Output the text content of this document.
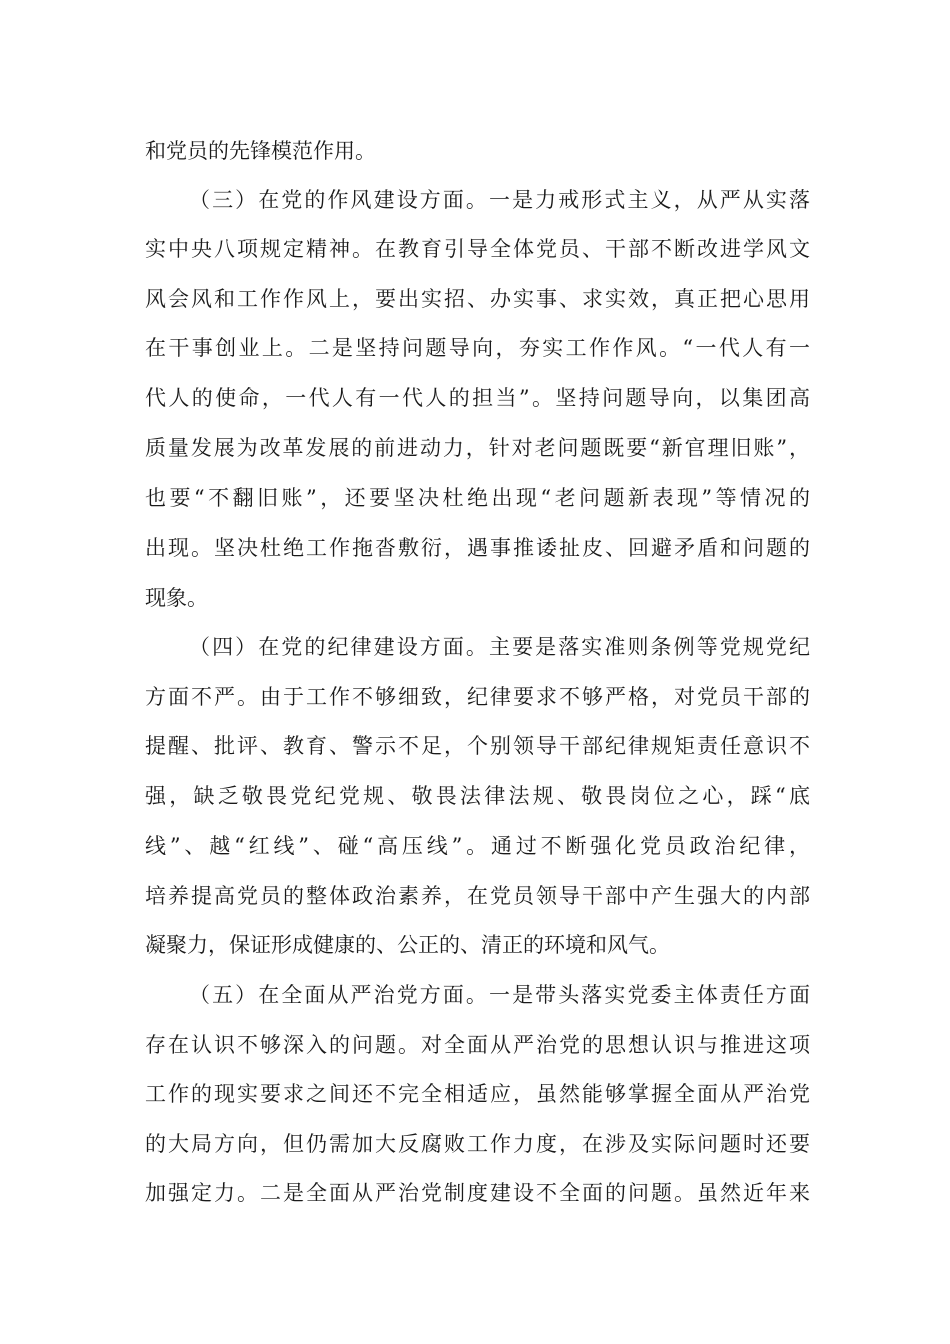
和党员的先锋模范作用。
（三）在党的作风建设方面。一是力戒形式主义，从严从实落
实中央八项规定精神。在教育引导全体党员、干部不断改进学风文
风会风和工作作风上，要出实招、办实事、求实效，真正把心思用
在干事创业上。二是坚持问题导向，夯实工作作风。“一代人有一
代人的使命，一代人有一代人的担当”。坚持问题导向，以集团高
质量发展为改革发展的前进动力，针对老问题既要“新官理旧账”，
也要“不翻旧账”，还要坚决杜绝出现“老问题新表现”等情况的
出现。坚决杜绝工作拖沓敷衍，遇事推诿扯皮、回避矛盾和问题的
现象。
（四）在党的纪律建设方面。主要是落实准则条例等党规党纪
方面不严。由于工作不够细致，纪律要求不够严格，对党员干部的
提醒、批评、教育、警示不足，个别领导干部纪律规矩责任意识不
强，缺乏敬畏党纪党规、敬畏法律法规、敬畏岗位之心，踩“底
线”、越“红线”、碰“高压线”。通过不断强化党员政治纪律，
培养提高党员的整体政治素养，在党员领导干部中产生强大的内部
凝聚力，保证形成健康的、公正的、清正的环境和风气。
（五）在全面从严治党方面。一是带头落实党委主体责任方面
存在认识不够深入的问题。对全面从严治党的思想认识与推进这项
工作的现实要求之间还不完全相适应，虽然能够掌握全面从严治党
的大局方向，但仍需加大反腐败工作力度，在涉及实际问题时还要
加强定力。二是全面从严治党制度建设不全面的问题。虽然近年来
